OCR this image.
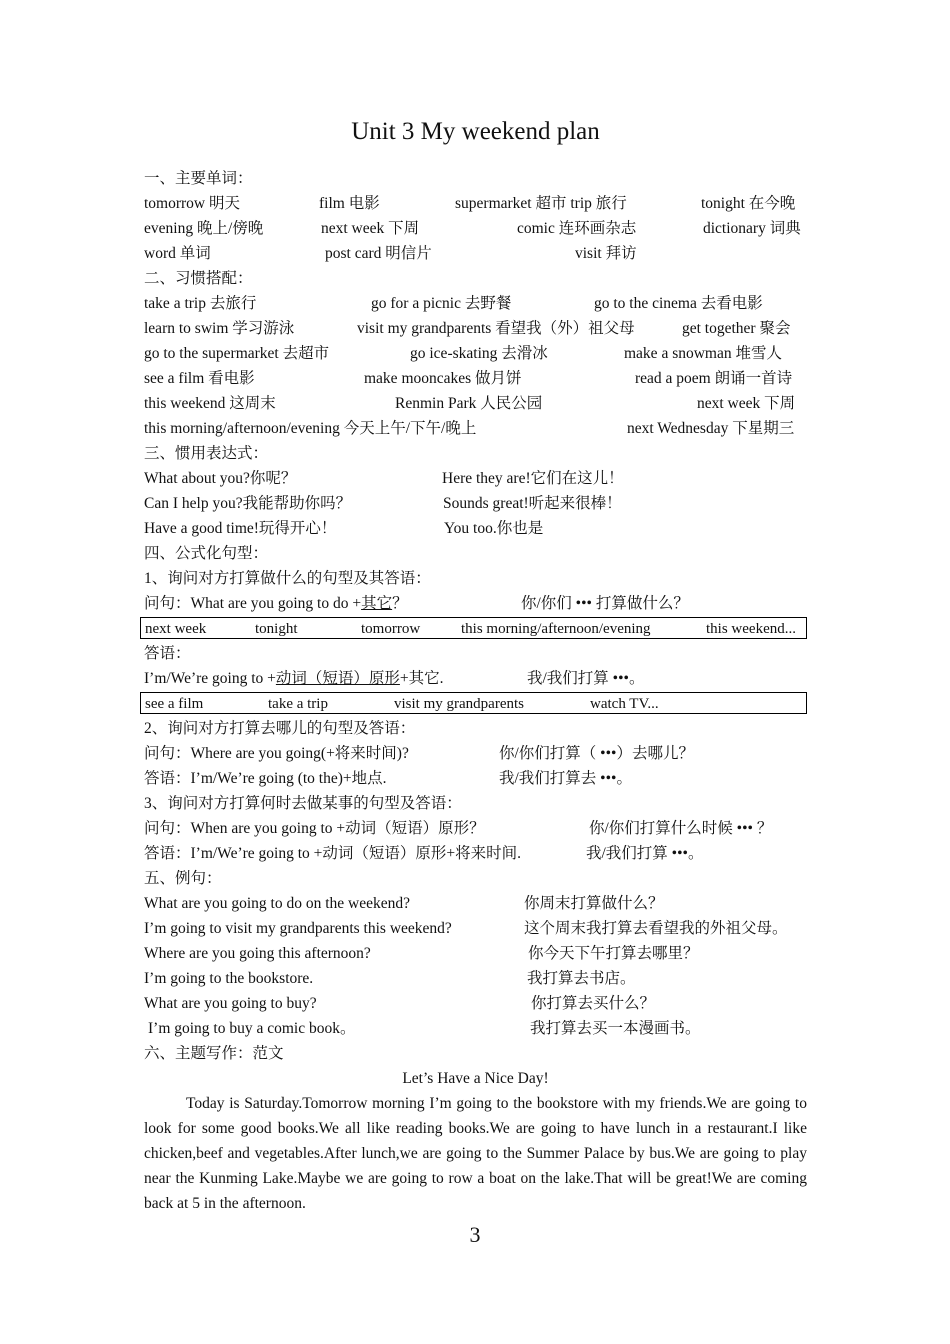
Unit 3 My weekend plan
一、主要单词：
tomorrow 明天	film 电影	supermarket 超市 trip 旅行	tonight 在今晚
evening 晚上/傍晚	next week 下周	comic 连环画杂志	dictionary 词典
word 单词	post card 明信片	visit 拜访
二、习惯搭配：
take a trip 去旅行	go for a picnic 去野餐	go to the cinema 去看电影
learn to swim 学习游泳	visit my grandparents 看望我（外）祖父母	get together 聚会
go to the supermarket 去超市	go ice-skating 去滑冰	make a snowman 堆雪人
see a film 看电影	make mooncakes 做月饼	read a poem 朗诵一首诗
this weekend 这周末	Renmin Park 人民公园	next week 下周
this morning/afternoon/evening 今天上午/下午/晚上	next Wednesday 下星期三
三、惯用表达式：
What about you?你呢？	Here they are!它们在这儿！
Can I help you?我能帮助你吗？	Sounds great!听起来很棒！
Have a good time!玩得开心！	You too.你也是
四、公式化句型：
1、询问对方打算做什么的句型及其答语：
问句：What are you going to do +其它？	你/你们 ••• 打算做什么？
next week	tonight	tomorrow	this morning/afternoon/evening	this weekend...
答语：
I’m/We’re going to +动词（短语）原形+其它.	我/我们打算 •••。
see a film	take a trip	visit my grandparents	watch TV...
2、询问对方打算去哪儿的句型及答语：
问句：Where are you going(+将来时间)?	你/你们打算（ •••）去哪儿？
答语：I’m/We’re going (to the)+地点.	我/我们打算去 •••。
3、询问对方打算何时去做某事的句型及答语：
问句：When are you going to +动词（短语）原形？	你/你们打算什么时候 ••• ？
答语：I’m/We’re going to +动词（短语）原形+将来时间.	我/我们打算 •••。
五、例句：
What are you going to do on the weekend?	你周末打算做什么？
I’m going to visit my grandparents this weekend?	这个周末我打算去看望我的外祖父母。
Where are you going this afternoon?	你今天下午打算去哪里？
I’m going to the bookstore.	我打算去书店。
What are you going to buy?	你打算去买什么？
I’m going to buy a comic book。	我打算去买一本漫画书。
六、主题写作：范文
Let’s Have a Nice Day!
Today is Saturday.Tomorrow morning I’m going to the bookstore with my friends.We are going to look for some good books.We all like reading books.We are going to have lunch in a restaurant.I like chicken,beef and vegetables.After lunch,we are going to the Summer Palace by bus.We are going to play near the Kunming Lake.Maybe we are going to row a boat on the lake.That will be great!We are coming back at 5 in the afternoon.
3
